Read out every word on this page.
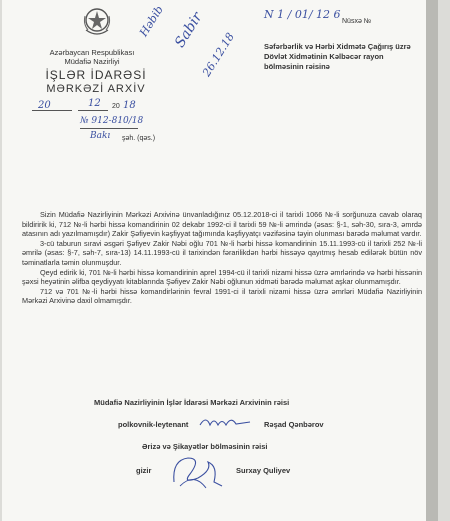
Azərbaycan Respublikası
Müdafiə Nazirliyi
İŞLƏR İDARƏSİ
MƏRKƏZİ ARXİV
20	12 20 18
№ 912-810/18
Bakı şəh. (qəs.)
Həbib Sabir
26.12.18
N 1 / 01/ 12 6
Nüsxə №
Səfərbərlik və Hərbi Xidmətə Çağırış üzrə Dövlət Xidmətinin Kəlbəcər rayon bölməsinin rəisinə

Sizin Müdafiə Nazirliyinin Mərkəzi Arxivinə ünvanladığınız 05.12.2018-ci il tarixli 1066 №-li sorğunuza cavab olaraq bildiririk ki, 712 №-li hərbi hissə komandirinin 02 dekabr 1992-ci il tarixli 59 №-li əmrində (əsas: §-1, səh-30, sıra-3, əmrdə atasının adı yazılmamışdır) Zakir Şəfiyevin kəşfiyyat tağımında kəşfiyyatçı vəzifəsinə təyin olunması barədə məlumat vardır.

3-cü taburun sıravi əsgəri Şəfiyev Zakir Nəbi oğlu 701 №-li hərbi hissə komandirinin 15.11.1993-cü il tarixli 252 №-li əmrilə (əsas: §-7, səh-7, sıra-13) 14.11.1993-cü il tarixindən fərarilikdən hərbi hissəyə qayıtmış hesab edilərək bütün növ təminatlarla təmin olunmuşdur.

Qeyd edirik ki, 701 №-li hərbi hissə komandirinin aprel 1994-cü il tarixli nizami hissə üzrə əmrlərində və hərbi hissənin şəxsi heyətinin əlifba qeydiyyatı kitablarında Şəfiyev Zakir Nəbi oğlunun xidməti barədə məlumat aşkar olunmamışdır.

712 və 701 №-li hərbi hissə komandirlərinin fevral 1991-ci il tarixli nizami hissə üzrə əmrləri Müdafiə Nazirliyinin Mərkəzi Arxivinə daxil olmamışdır.

Müdafiə Nazirliyinin İşlər İdarəsi Mərkəzi Arxivinin rəisi
polkovnik-leytenant	Rəşad Qənbərov
Ərizə və Şikayətlər bölməsinin rəisi
gizir	Surxay Quliyev
